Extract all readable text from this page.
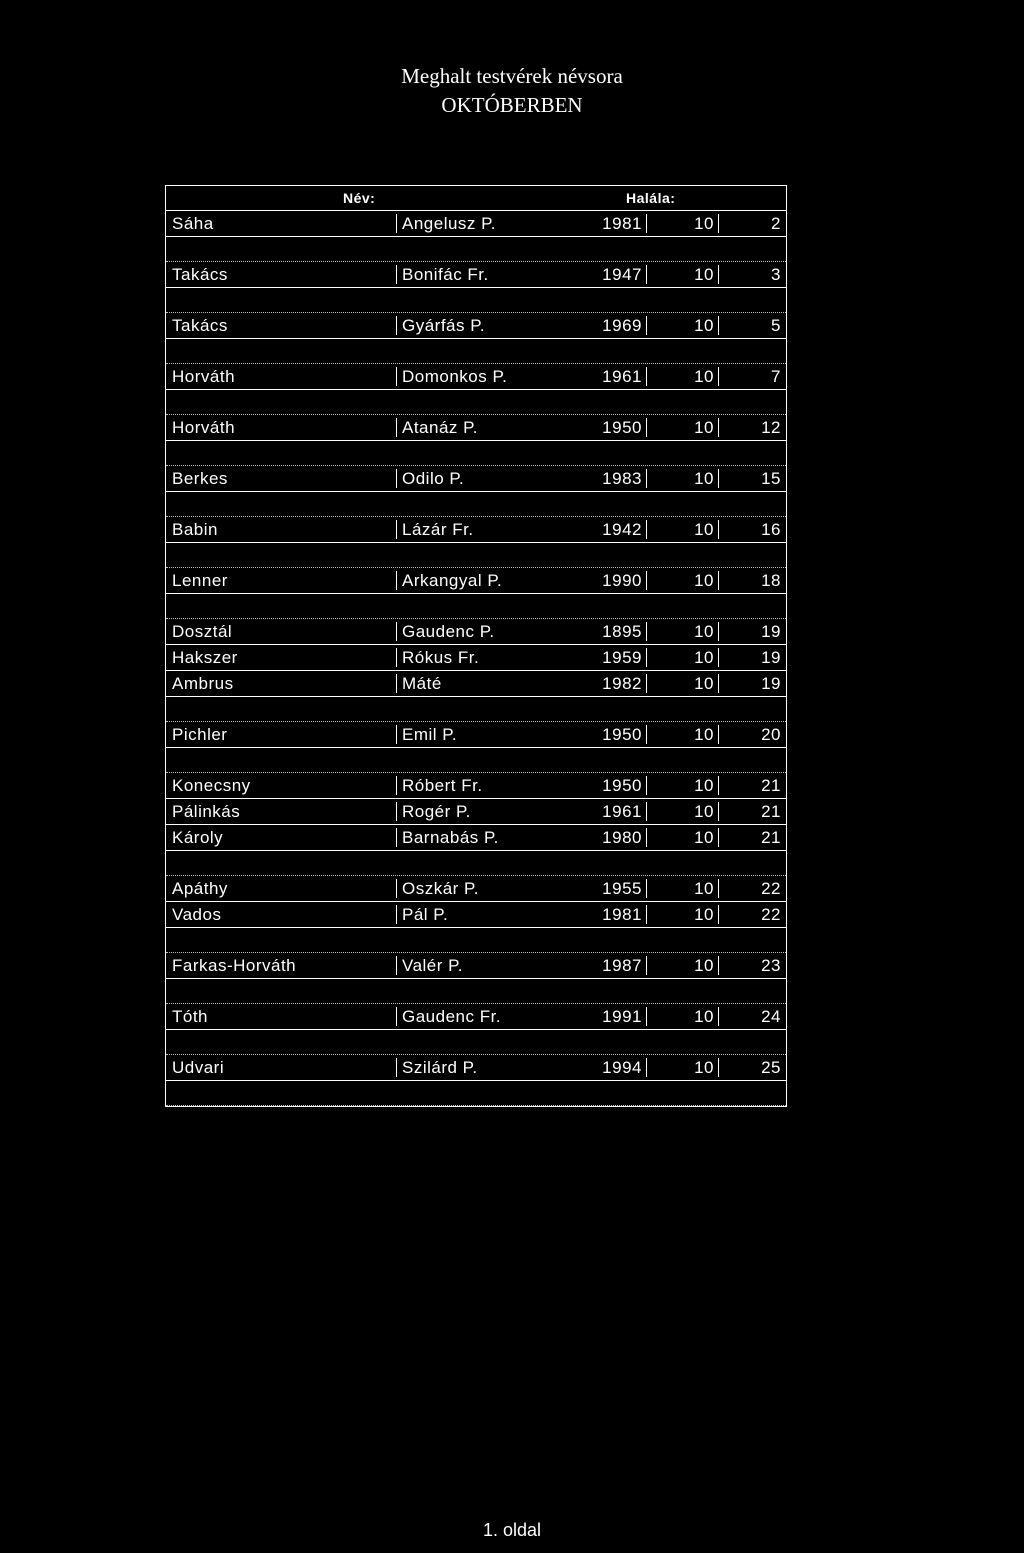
Meghalt testvérek névsora
OKTÓBERBEN
Név:	Halála:
Sáha	Angelusz P.	1981	10	2
Takács	Bonifác Fr.	1947	10	3
Takács	Gyárfás P.	1969	10	5
Horváth	Domonkos P.	1961	10	7
Horváth	Atanáz P.	1950	10	12
Berkes	Odilo P.	1983	10	15
Babin	Lázár Fr.	1942	10	16
Lenner	Arkangyal P.	1990	10	18
Dosztál	Gaudenc P.	1895	10	19
Hakszer	Rókus Fr.	1959	10	19
Ambrus	Máté	1982	10	19
Pichler	Emil P.	1950	10	20
Konecsny	Róbert Fr.	1950	10	21
Pálinkás	Rogér P.	1961	10	21
Károly	Barnabás P.	1980	10	21
Apáthy	Oszkár P.	1955	10	22
Vados	Pál P.	1981	10	22
Farkas-Horváth	Valér P.	1987	10	23
Tóth	Gaudenc Fr.	1991	10	24
Udvari	Szilárd P.	1994	10	25
1. oldal
